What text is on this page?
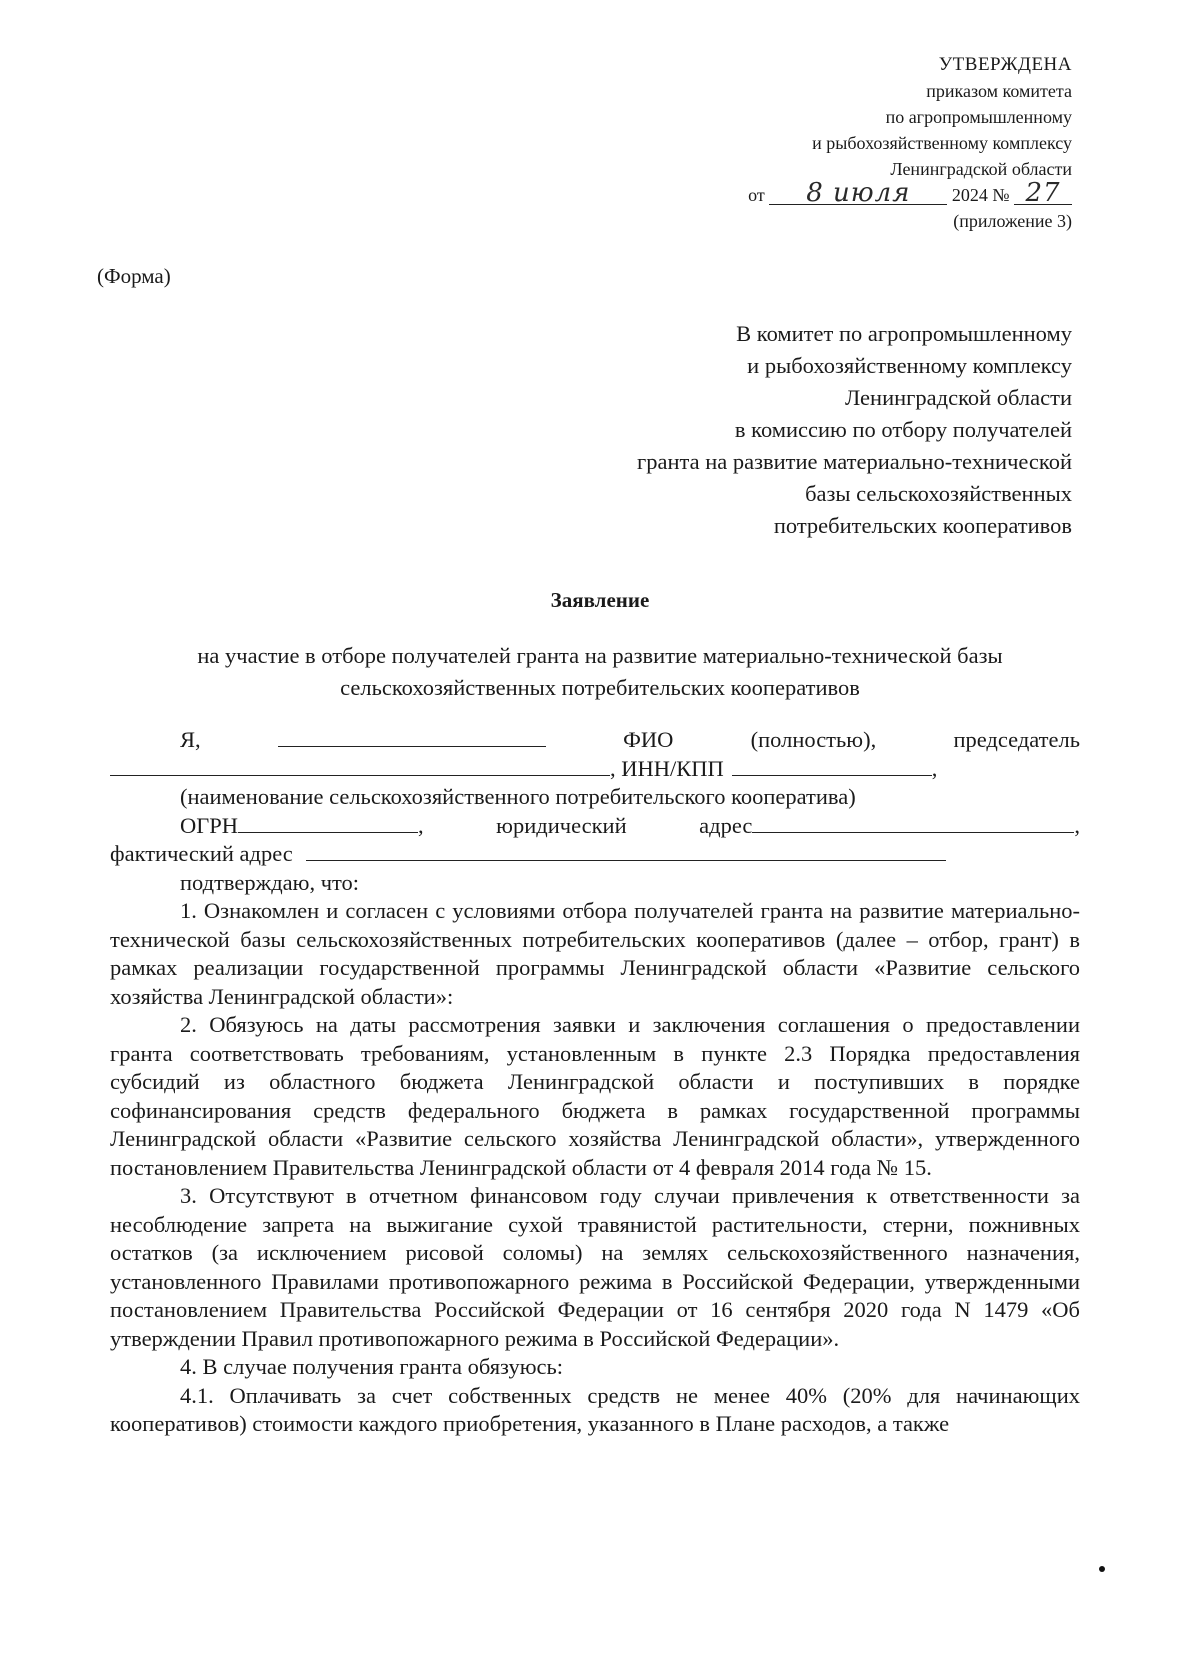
УТВЕРЖДЕНА
приказом комитета
по агропромышленному
и рыбохозяйственному комплексу
Ленинградской области
от 8 июля 2024 № 27
(приложение 3)
(Форма)
В комитет по агропромышленному
и рыбохозяйственному комплексу
Ленинградской области
в комиссию по отбору получателей
гранта на развитие материально-технической
базы сельскохозяйственных
потребительских кооперативов
Заявление
на участие в отборе получателей гранта на развитие материально-технической базы
сельскохозяйственных потребительских кооперативов
Я,	ФИО	(полностью),	председатель
, ИНН/КПП	,
(наименование сельскохозяйственного потребительского кооператива)
ОГРН	,	юридический	адрес	,
фактический адрес
подтверждаю, что:

1. Ознакомлен и согласен с условиями отбора получателей гранта на развитие материально-технической базы сельскохозяйственных потребительских кооперативов (далее – отбор, грант) в рамках реализации государственной программы Ленинградской области «Развитие сельского хозяйства Ленинградской области»:

2. Обязуюсь на даты рассмотрения заявки и заключения соглашения о предоставлении гранта соответствовать требованиям, установленным в пункте 2.3 Порядка предоставления субсидий из областного бюджета Ленинградской области и поступивших в порядке софинансирования средств федерального бюджета в рамках государственной программы Ленинградской области «Развитие сельского хозяйства Ленинградской области», утвержденного постановлением Правительства Ленинградской области от 4 февраля 2014 года № 15.

3. Отсутствуют в отчетном финансовом году случаи привлечения к ответственности за несоблюдение запрета на выжигание сухой травянистой растительности, стерни, пожнивных остатков (за исключением рисовой соломы) на землях сельскохозяйственного назначения, установленного Правилами противопожарного режима в Российской Федерации, утвержденными постановлением Правительства Российской Федерации от 16 сентября 2020 года N 1479 «Об утверждении Правил противопожарного режима в Российской Федерации».

4. В случае получения гранта обязуюсь:

4.1. Оплачивать за счет собственных средств не менее 40% (20% для начинающих кооперативов) стоимости каждого приобретения, указанного в Плане расходов, а также
